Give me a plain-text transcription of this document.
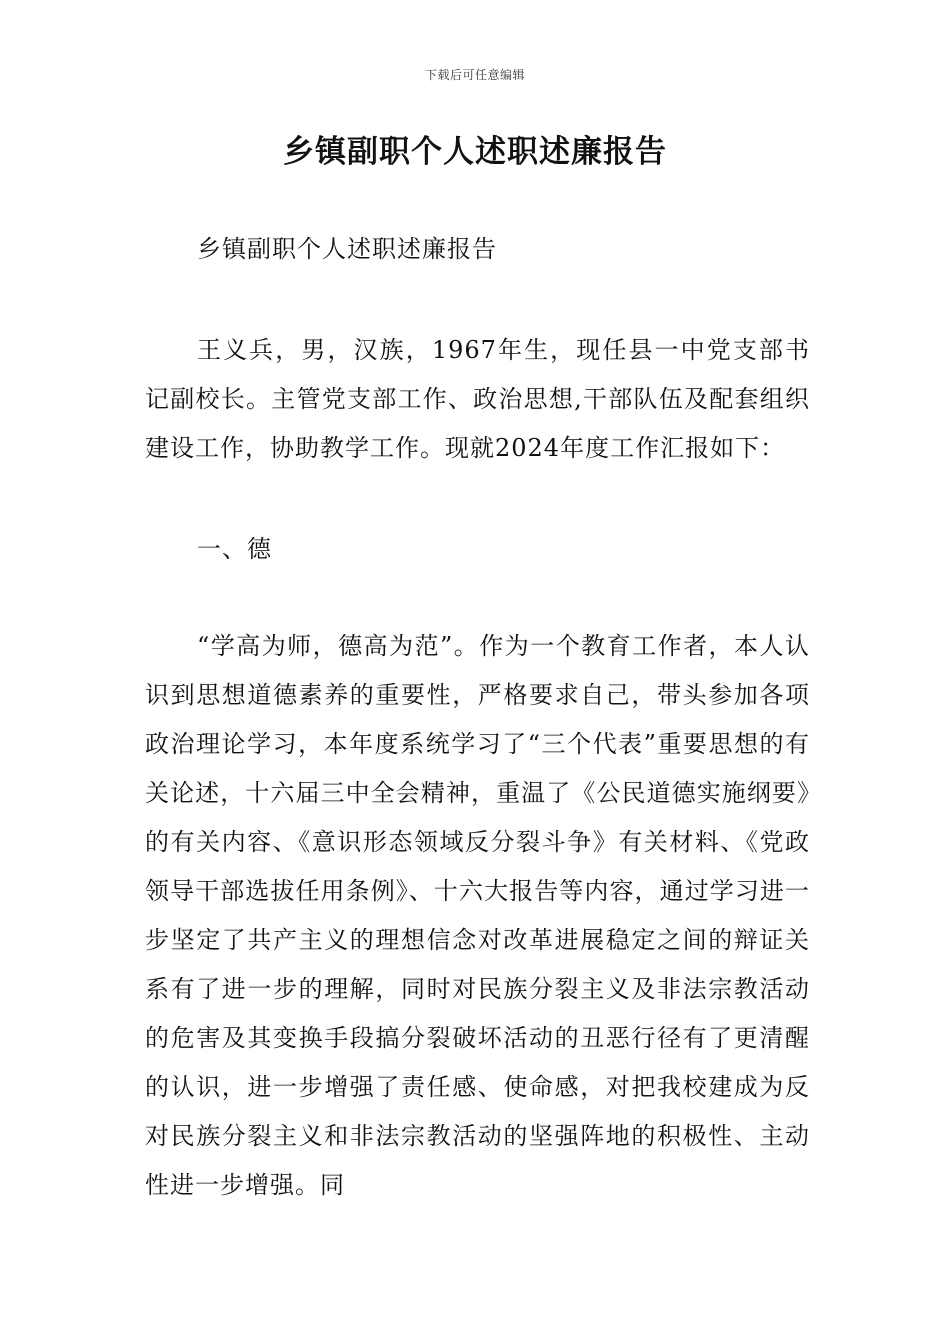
下载后可任意编辑
乡镇副职个人述职述廉报告

乡镇副职个人述职述廉报告

王义兵，男，汉族，1967年生，现任县一中党支部书记副校长。主管党支部工作、政治思想,干部队伍及配套组织建设工作，协助教学工作。现就2024年度工作汇报如下：

一、德

“学高为师，德高为范”。作为一个教育工作者，本人认识到思想道德素养的重要性，严格要求自己，带头参加各项政治理论学习，本年度系统学习了“三个代表”重要思想的有关论述，十六届三中全会精神，重温了《公民道德实施纲要》的有关内容、《意识形态领域反分裂斗争》有关材料、《党政领导干部选拔任用条例》、十六大报告等内容，通过学习进一步坚定了共产主义的理想信念对改革进展稳定之间的辩证关系有了进一步的理解，同时对民族分裂主义及非法宗教活动的危害及其变换手段搞分裂破坏活动的丑恶行径有了更清醒的认识，进一步增强了责任感、使命感，对把我校建成为反对民族分裂主义和非法宗教活动的坚强阵地的积极性、主动性进一步增强。同
